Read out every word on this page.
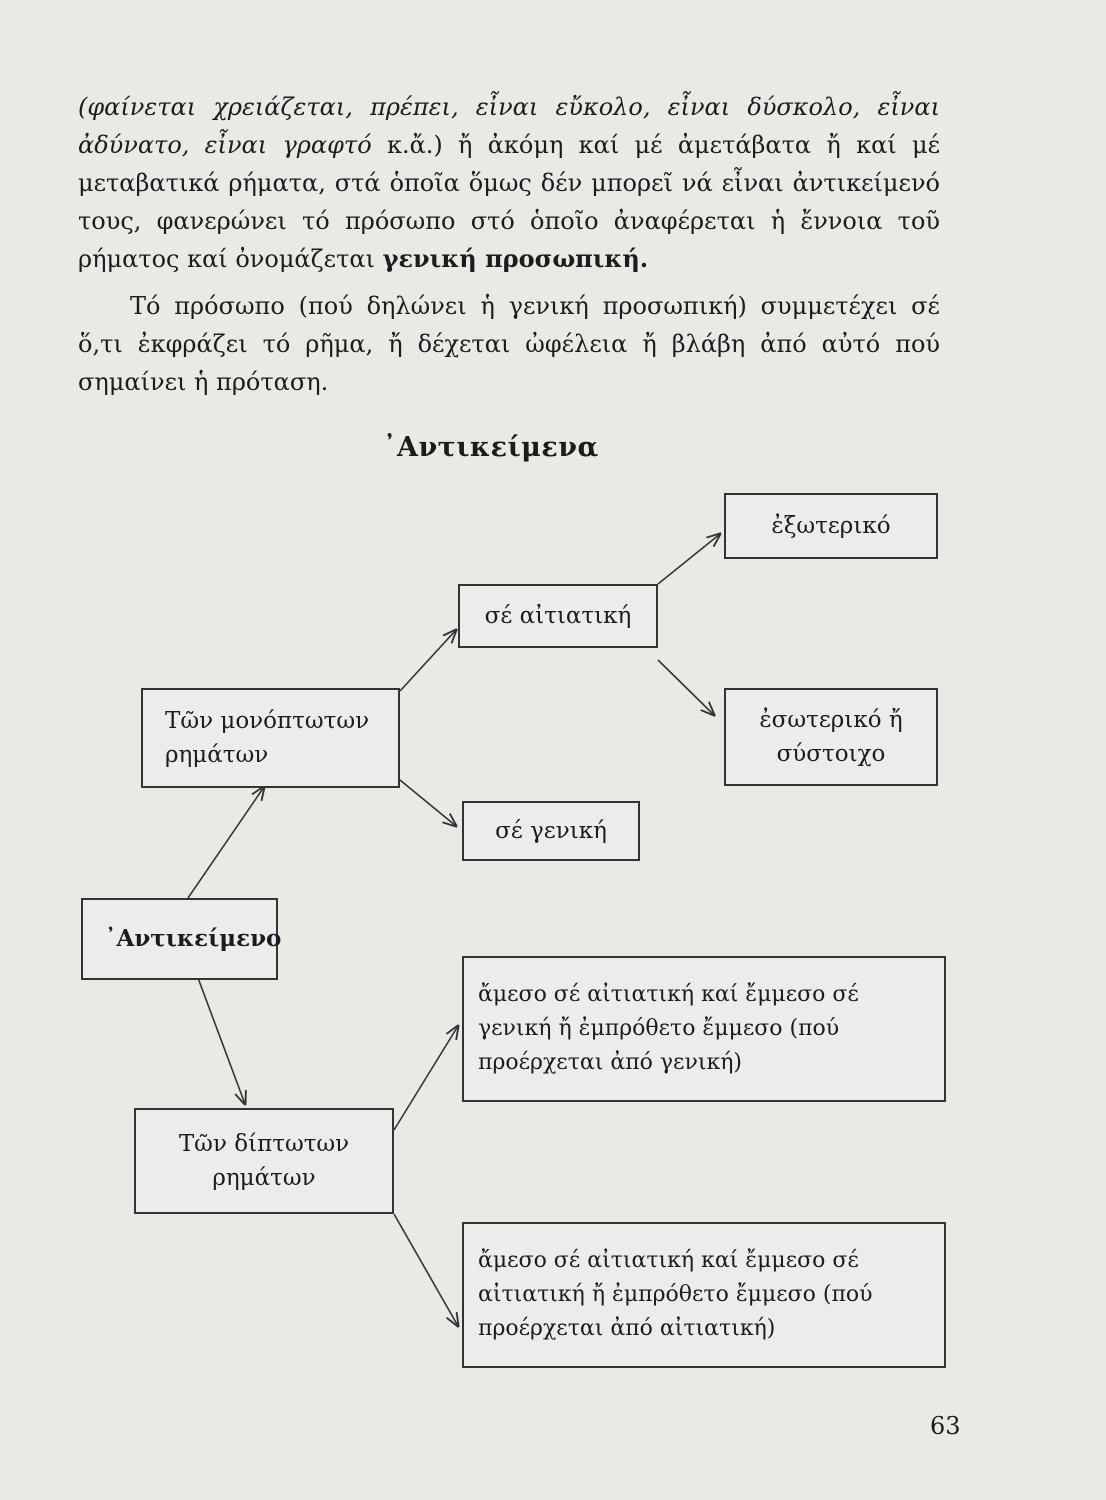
(φαίνεται χρειάζεται, πρέπει, εἶναι εὔκολο, εἶναι δύσκολο, εἶναι ἀδύνατο, εἶναι γραφτό κ.ἄ.) ἤ ἀκόμη καί μέ ἀμετάβατα ἤ καί μέ μεταβατικά ρήματα, στά ὁποῖα ὅμως δέν μπορεῖ νά εἶναι ἀντικείμενό τους, φανερώνει τό πρόσωπο στό ὁποῖο ἀναφέρεται ἡ ἔννοια τοῦ ρήματος καί ὀνομάζεται γενική προσωπική.

Τό πρόσωπο (πού δηλώνει ἡ γενική προσωπική) συμμετέχει σέ ὅ,τι ἐκφράζει τό ρῆμα, ἤ δέχεται ὠφέλεια ἤ βλάβη ἀπό αὐτό πού σημαίνει ἡ πρόταση.

᾿Αντικείμενα
ἐξωτερικό
σέ αἰτιατική
ἐσωτερικό ἤ σύστοιχο
Τῶν μονόπτωτων ρημάτων
σέ γενική
᾿Αντικείμενο
ἄμεσο σέ αἰτιατική καί ἔμμεσο σέ γενική ἤ ἐμπρόθετο ἔμμεσο (πού προέρχεται ἀπό γενική)
Τῶν δίπτωτων ρημάτων
ἄμεσο σέ αἰτιατική καί ἔμμεσο σέ αἰτιατική ἤ ἐμπρόθετο ἔμμεσο (πού προέρχεται ἀπό αἰτιατική)
63
